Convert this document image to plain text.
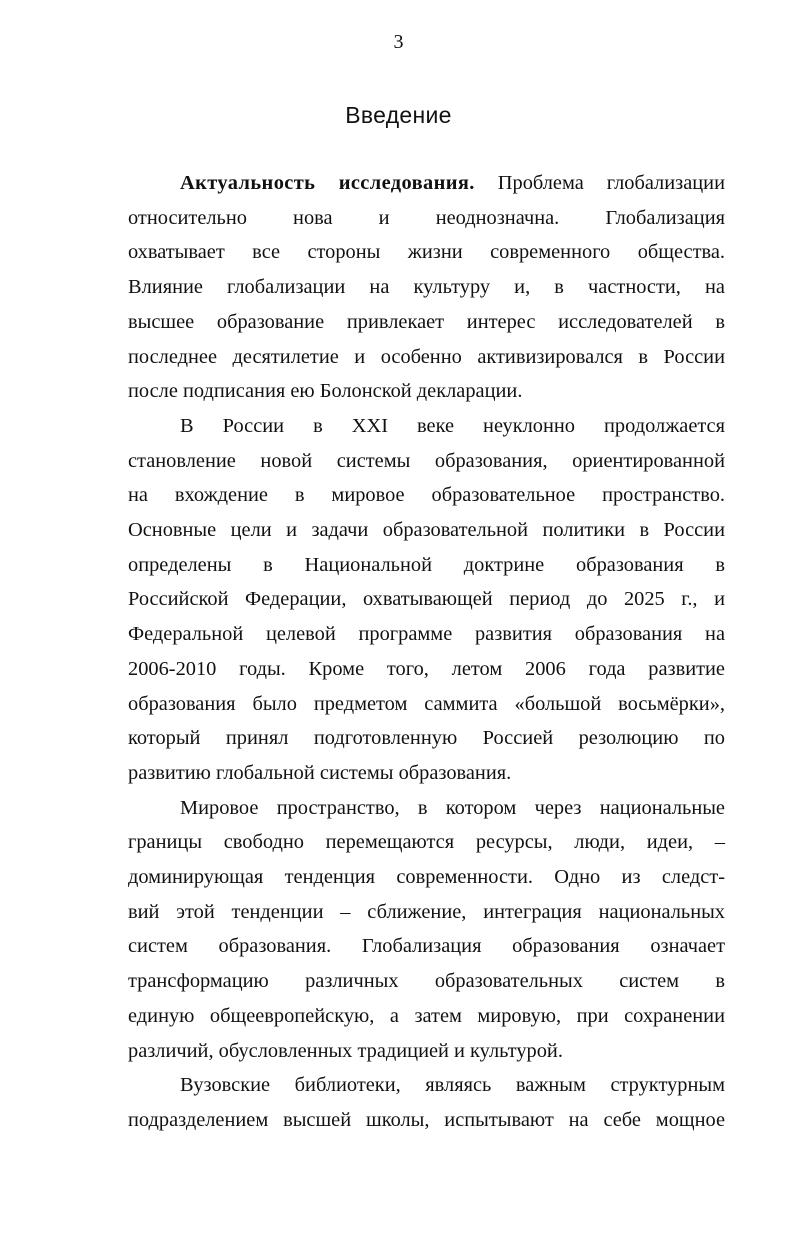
3
Введение
Актуальность исследования. Проблема глобализации
относительно нова и неоднозначна. Глобализация
охватывает все стороны жизни современного общества.
Влияние глобализации на культуру и, в частности, на
высшее образование привлекает интерес исследователей в
последнее десятилетие и особенно активизировался в России
после подписания ею Болонской декларации.
В России в XXI веке неуклонно продолжается
становление новой системы образования, ориентированной
на вхождение в мировое образовательное пространство.
Основные цели и задачи образовательной политики в России
определены в Национальной доктрине образования в
Российской Федерации, охватывающей период до 2025 г., и
Федеральной целевой программе развития образования на
2006-2010 годы. Кроме того, летом 2006 года развитие
образования было предметом саммита «большой восьмёрки»,
который принял подготовленную Россией резолюцию по
развитию глобальной системы образования.
Мировое пространство, в котором через национальные
границы свободно перемещаются ресурсы, люди, идеи, –
доминирующая тенденция современности. Одно из следст-
вий этой тенденции – сближение, интеграция национальных
систем образования. Глобализация образования означает
трансформацию различных образовательных систем в
единую общеевропейскую, а затем мировую, при сохранении
различий, обусловленных традицией и культурой.
Вузовские библиотеки, являясь важным структурным
подразделением высшей школы, испытывают на себе мощное
